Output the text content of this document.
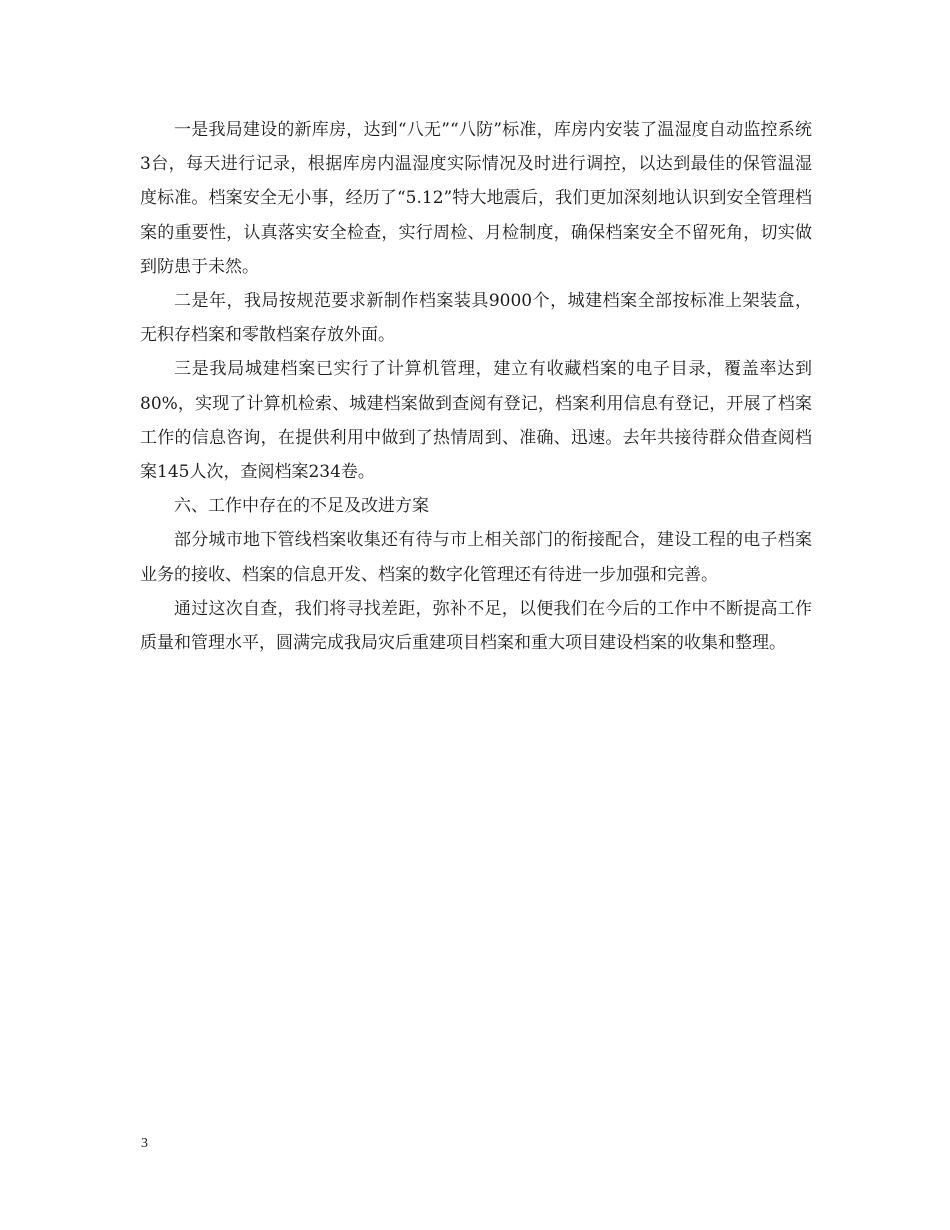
一是我局建设的新库房，达到“八无”“八防”标准，库房内安装了温湿度自动监控系统3台，每天进行记录，根据库房内温湿度实际情况及时进行调控，以达到最佳的保管温湿度标准。档案安全无小事，经历了“5.12”特大地震后，我们更加深刻地认识到安全管理档案的重要性，认真落实安全检查，实行周检、月检制度，确保档案安全不留死角，切实做到防患于未然。

二是年，我局按规范要求新制作档案装具9000个，城建档案全部按标准上架装盒，无积存档案和零散档案存放外面。

三是我局城建档案已实行了计算机管理，建立有收藏档案的电子目录，覆盖率达到80%，实现了计算机检索、城建档案做到查阅有登记，档案利用信息有登记，开展了档案工作的信息咨询，在提供利用中做到了热情周到、准确、迅速。去年共接待群众借查阅档案145人次，查阅档案234卷。

六、工作中存在的不足及改进方案

部分城市地下管线档案收集还有待与市上相关部门的衔接配合，建设工程的电子档案业务的接收、档案的信息开发、档案的数字化管理还有待进一步加强和完善。

通过这次自查，我们将寻找差距，弥补不足，以便我们在今后的工作中不断提高工作质量和管理水平，圆满完成我局灾后重建项目档案和重大项目建设档案的收集和整理。

3
